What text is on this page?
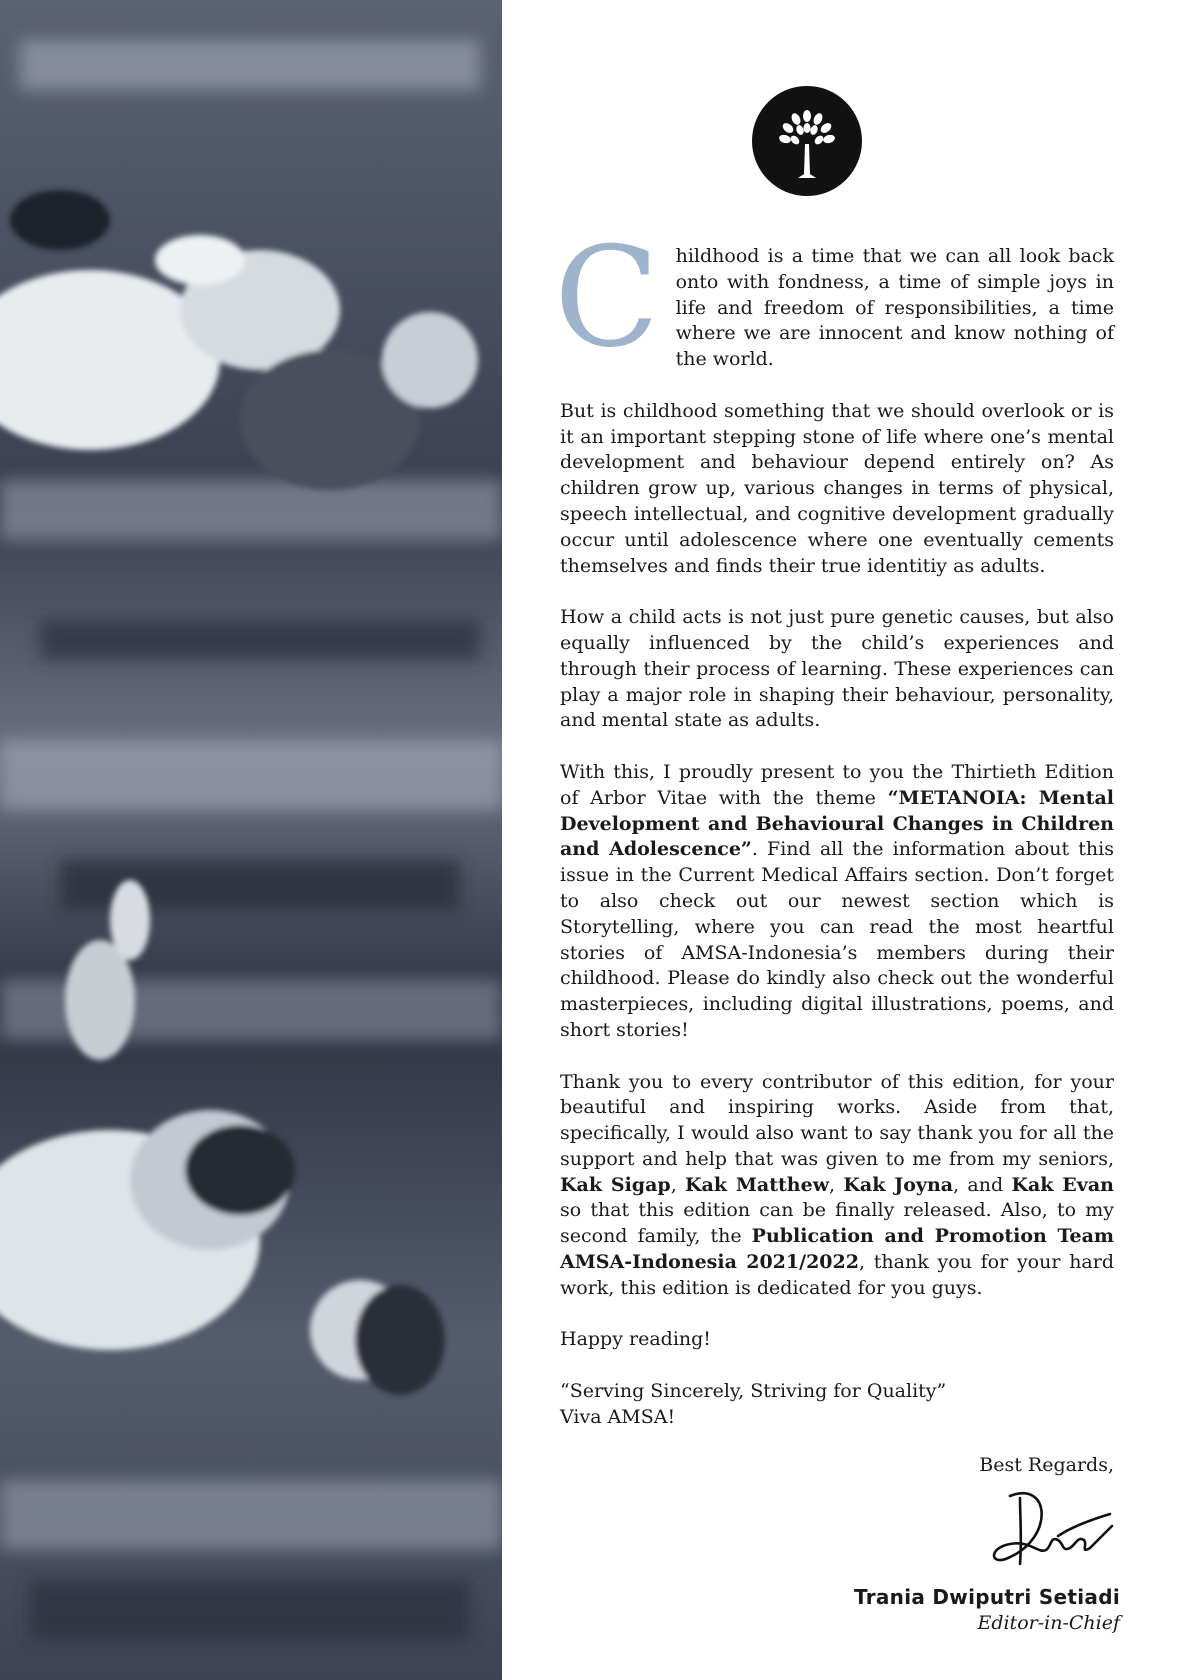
Childhood is a time that we can all look back onto with fondness, a time of simple joys in life and freedom of responsibilities, a time where we are innocent and know nothing of the world.

But is childhood something that we should overlook or is it an important stepping stone of life where one’s mental development and behaviour depend entirely on? As children grow up, various changes in terms of physical, speech intellectual, and cognitive development gradually occur until adolescence where one eventually cements themselves and finds their true identitiy as adults.

How a child acts is not just pure genetic causes, but also equally influenced by the child’s experiences and through their process of learning. These experiences can play a major role in shaping their behaviour, personality, and mental state as adults.

With this, I proudly present to you the Thirtieth Edition of Arbor Vitae with the theme “METANOIA: Mental Development and Behavioural Changes in Children and Adolescence”. Find all the information about this issue in the Current Medical Affairs section. Don’t forget to also check out our newest section which is Storytelling, where you can read the most heartful stories of AMSA-Indonesia’s members during their childhood. Please do kindly also check out the wonderful masterpieces, including digital illustrations, poems, and short stories!

Thank you to every contributor of this edition, for your beautiful and inspiring works. Aside from that, specifically, I would also want to say thank you for all the support and help that was given to me from my seniors, Kak Sigap, Kak Matthew, Kak Joyna, and Kak Evan so that this edition can be finally released. Also, to my second family, the Publication and Promotion Team AMSA-Indonesia 2021/2022, thank you for your hard work, this edition is dedicated for you guys.

Happy reading!

“Serving Sincerely, Striving for Quality”

Viva AMSA!

Best Regards,
Trania Dwiputri Setiadi
Editor-in-Chief
